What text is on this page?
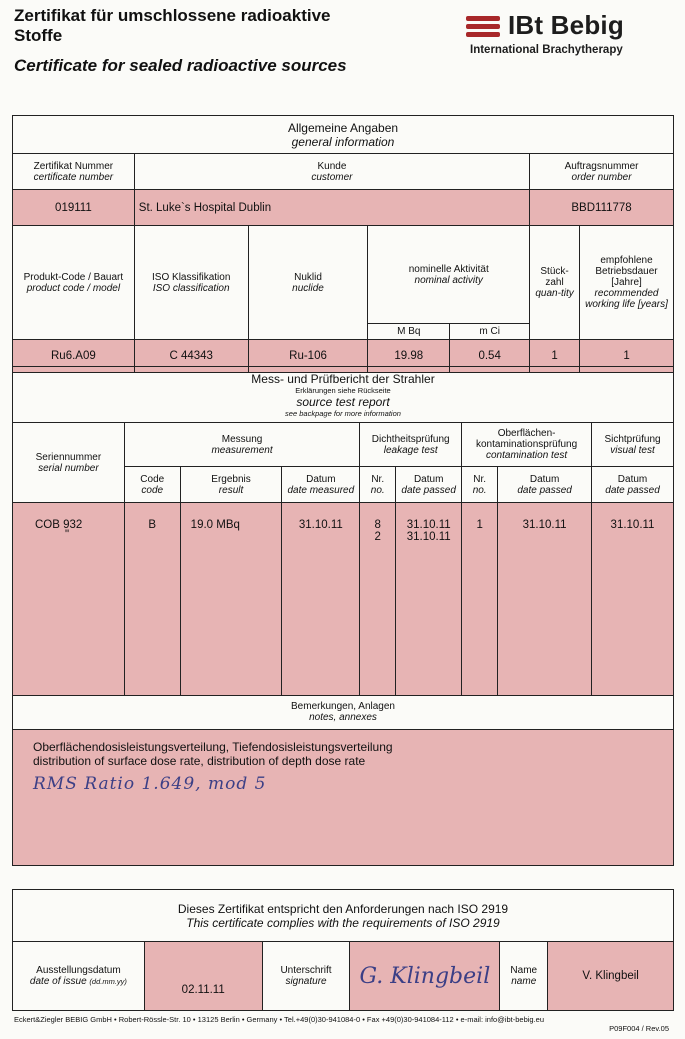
Zertifikat für umschlossene radioaktive
Stoffe
Certificate for sealed radioactive sources
IBt Bebig
International Brachytherapy
Allgemeine Angaben
general information

Zertifikat Nummer
certificate number

Kunde
customer

Auftragsnummer
order number

019111	St. Luke`s Hospital Dublin	BBD111778

Produkt-Code / Bauart
product code / model

ISO Klassifikation
ISO classification

Nuklid
nuclide

nominelle Aktivität
nominal activity

Stück-zahl
quan-tity

empfohlene Betriebsdauer [Jahre]
recommended working life [years]

M Bq	m Ci
Ru6.A09	C 44343	Ru-106	19.98	0.54	1	1
Mess- und Prüfbericht der Strahler
Erklärungen siehe Rückseite
source test report
see backpage for more information

Seriennummer
serial number

Messung
measurement

Dichtheitsprüfung
leakage test

Oberflächen-kontaminationsprüfung
contamination test

Sichtprüfung
visual test

Code
code

Ergebnis
result

Datum
date measured

Nr.
no.

Datum
date passed

Nr.
no.

Datum
date passed

Datum
date passed

COB 932
"
	B	19.0 MBq	31.10.11	8
2

31.10.11
31.10.11
	1	31.10.11	31.10.11

Bemerkungen, Anlagen
notes, annexes

Oberflächendosisleistungsverteilung, Tiefendosisleistungsverteilung
distribution of surface dose rate, distribution of depth dose rate
RMS Ratio 1.649, mod 5
Dieses Zertifikat entspricht den Anforderungen nach ISO 2919
This certificate complies with the requirements of ISO 2919

Ausstellungsdatum
date of issue (dd.mm.yy)
	02.11.11	
Unterschrift
signature	G. Klingbeil	Name
name	V. Klingbeil
Eckert&Ziegler BEBIG GmbH • Robert-Rössle-Str. 10 • 13125 Berlin • Germany • Tel.+49(0)30-941084-0 • Fax +49(0)30-941084-112 • e-mail: info@ibt-bebig.eu
P09F004 / Rev.05
